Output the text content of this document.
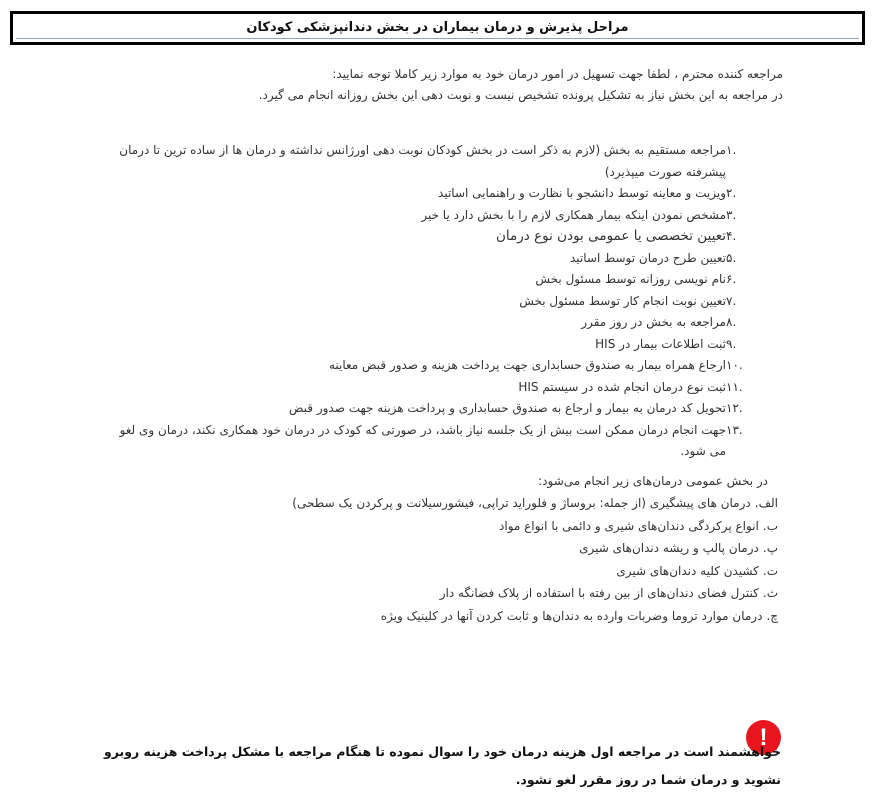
مراحل پذیرش و درمان بیماران در بخش دندانپزشکی کودکان
مراجعه کننده محترم ، لطفا جهت تسهیل در امور درمان خود به موارد زیر کاملا توجه نمایید:
در مراجعه به این بخش نیاز به تشکیل پرونده تشخیص نیست و نوبت دهی این بخش روزانه انجام می گیرد.
۱.
مراجعه مستقیم به بخش (لازم به ذکر است در بخش کودکان نوبت دهی اورژانس نداشته و درمان ها از ساده ترین تا درمان پیشرفته صورت میپذیرد)
۲.
ویزیت و معاینه توسط دانشجو با نظارت و راهنمایی اساتید
۳.
مشخص نمودن اینکه بیمار همکاری لازم را با بخش دارد یا خیر
۴.
تعیین تخصصی یا عمومی بودن نوع درمان
۵.
تعیین طرح درمان توسط اساتید
۶.
نام نویسی روزانه توسط مسئول بخش
۷.
تعیین نوبت انجام کار توسط مسئول بخش
۸.
مراجعه به بخش در روز مقرر
۹.
ثبت اطلاعات بیمار در HIS
۱۰.
ارجاع همراه بیمار به صندوق حسابداری جهت پرداخت هزینه و صدور قبض معاینه
۱۱.
ثبت نوع درمان انجام شده در سیستم HIS
۱۲.
تحویل کد درمان به بیمار و ارجاع به صندوق حسابداری و پرداخت هزینه جهت صدور قبض
۱۳.
جهت انجام درمان ممکن است بیش از یک جلسه نیاز باشد، در صورتی که کودک در درمان خود همکاری نکند، درمان وی لغو می شود.
در بخش عمومی درمان‌های زیر انجام می‌شود:
الف.
درمان های پیشگیری (از جمله: بروساژ و فلوراید تراپی، فیشورسیلانت و پرکردن یک سطحی)
ب.
انواع پرکردگی دندان‌های شیری و دائمی با انواع مواد
پ.
درمان پالپ و ریشه دندان‌های شیری
ت.
کشیدن کلیه دندان‌های شیری
ث.
کنترل فضای دندان‌های از بین رفته با استفاده از پلاک فضانگه دار
چ.
درمان موارد تروما وضربات وارده به دندان‌ها و ثابت کردن آنها در کلینیک ویژه
!
خواهشمند است در مراجعه اول هزینه درمان خود را سوال نموده تا هنگام مراجعه با مشکل پرداخت هزینه روبرو نشوید و درمان شما در روز مقرر لغو نشود.
